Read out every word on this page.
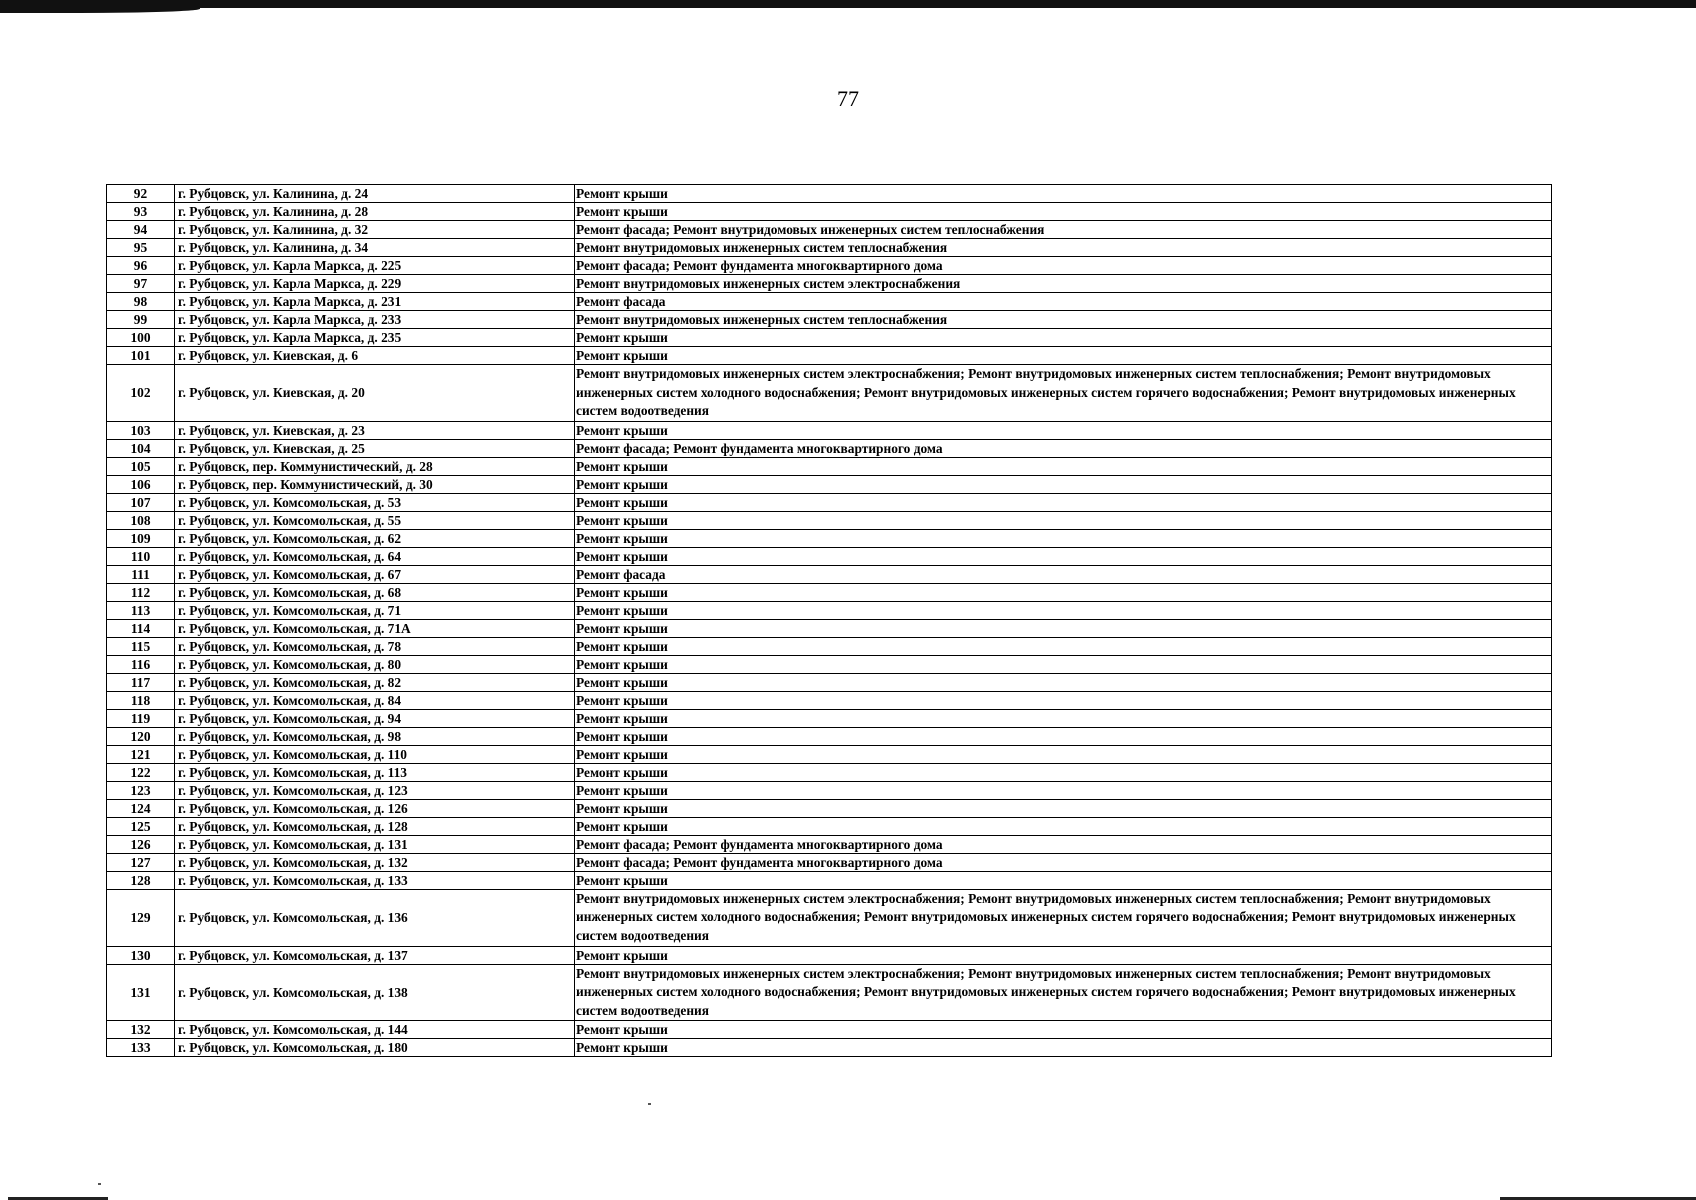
77
92	г. Рубцовск, ул. Калинина, д. 24	Ремонт крыши
93	г. Рубцовск, ул. Калинина, д. 28	Ремонт крыши
94	г. Рубцовск, ул. Калинина, д. 32	Ремонт фасада; Ремонт внутридомовых инженерных систем теплоснабжения
95	г. Рубцовск, ул. Калинина, д. 34	Ремонт внутридомовых инженерных систем теплоснабжения
96	г. Рубцовск, ул. Карла Маркса, д. 225	Ремонт фасада; Ремонт фундамента многоквартирного дома
97	г. Рубцовск, ул. Карла Маркса, д. 229	Ремонт внутридомовых инженерных систем электроснабжения
98	г. Рубцовск, ул. Карла Маркса, д. 231	Ремонт фасада
99	г. Рубцовск, ул. Карла Маркса, д. 233	Ремонт внутридомовых инженерных систем теплоснабжения
100	г. Рубцовск, ул. Карла Маркса, д. 235	Ремонт крыши
101	г. Рубцовск, ул. Киевская, д. 6	Ремонт крыши
102	г. Рубцовск, ул. Киевская, д. 20	Ремонт внутридомовых инженерных систем электроснабжения; Ремонт внутридомовых инженерных систем теплоснабжения; Ремонт внутридомовых инженерных систем холодного водоснабжения; Ремонт внутридомовых инженерных систем горячего водоснабжения; Ремонт внутридомовых инженерных систем водоотведения
103	г. Рубцовск, ул. Киевская, д. 23	Ремонт крыши
104	г. Рубцовск, ул. Киевская, д. 25	Ремонт фасада; Ремонт фундамента многоквартирного дома
105	г. Рубцовск, пер. Коммунистический, д. 28	Ремонт крыши
106	г. Рубцовск, пер. Коммунистический, д. 30	Ремонт крыши
107	г. Рубцовск, ул. Комсомольская, д. 53	Ремонт крыши
108	г. Рубцовск, ул. Комсомольская, д. 55	Ремонт крыши
109	г. Рубцовск, ул. Комсомольская, д. 62	Ремонт крыши
110	г. Рубцовск, ул. Комсомольская, д. 64	Ремонт крыши
111	г. Рубцовск, ул. Комсомольская, д. 67	Ремонт фасада
112	г. Рубцовск, ул. Комсомольская, д. 68	Ремонт крыши
113	г. Рубцовск, ул. Комсомольская, д. 71	Ремонт крыши
114	г. Рубцовск, ул. Комсомольская, д. 71А	Ремонт крыши
115	г. Рубцовск, ул. Комсомольская, д. 78	Ремонт крыши
116	г. Рубцовск, ул. Комсомольская, д. 80	Ремонт крыши
117	г. Рубцовск, ул. Комсомольская, д. 82	Ремонт крыши
118	г. Рубцовск, ул. Комсомольская, д. 84	Ремонт крыши
119	г. Рубцовск, ул. Комсомольская, д. 94	Ремонт крыши
120	г. Рубцовск, ул. Комсомольская, д. 98	Ремонт крыши
121	г. Рубцовск, ул. Комсомольская, д. 110	Ремонт крыши
122	г. Рубцовск, ул. Комсомольская, д. 113	Ремонт крыши
123	г. Рубцовск, ул. Комсомольская, д. 123	Ремонт крыши
124	г. Рубцовск, ул. Комсомольская, д. 126	Ремонт крыши
125	г. Рубцовск, ул. Комсомольская, д. 128	Ремонт крыши
126	г. Рубцовск, ул. Комсомольская, д. 131	Ремонт фасада; Ремонт фундамента многоквартирного дома
127	г. Рубцовск, ул. Комсомольская, д. 132	Ремонт фасада; Ремонт фундамента многоквартирного дома
128	г. Рубцовск, ул. Комсомольская, д. 133	Ремонт крыши
129	г. Рубцовск, ул. Комсомольская, д. 136	Ремонт внутридомовых инженерных систем электроснабжения; Ремонт внутридомовых инженерных систем теплоснабжения; Ремонт внутридомовых инженерных систем холодного водоснабжения; Ремонт внутридомовых инженерных систем горячего водоснабжения; Ремонт внутридомовых инженерных систем водоотведения
130	г. Рубцовск, ул. Комсомольская, д. 137	Ремонт крыши
131	г. Рубцовск, ул. Комсомольская, д. 138	Ремонт внутридомовых инженерных систем электроснабжения; Ремонт внутридомовых инженерных систем теплоснабжения; Ремонт внутридомовых инженерных систем холодного водоснабжения; Ремонт внутридомовых инженерных систем горячего водоснабжения; Ремонт внутридомовых инженерных систем водоотведения
132	г. Рубцовск, ул. Комсомольская, д. 144	Ремонт крыши
133	г. Рубцовск, ул. Комсомольская, д. 180	Ремонт крыши
